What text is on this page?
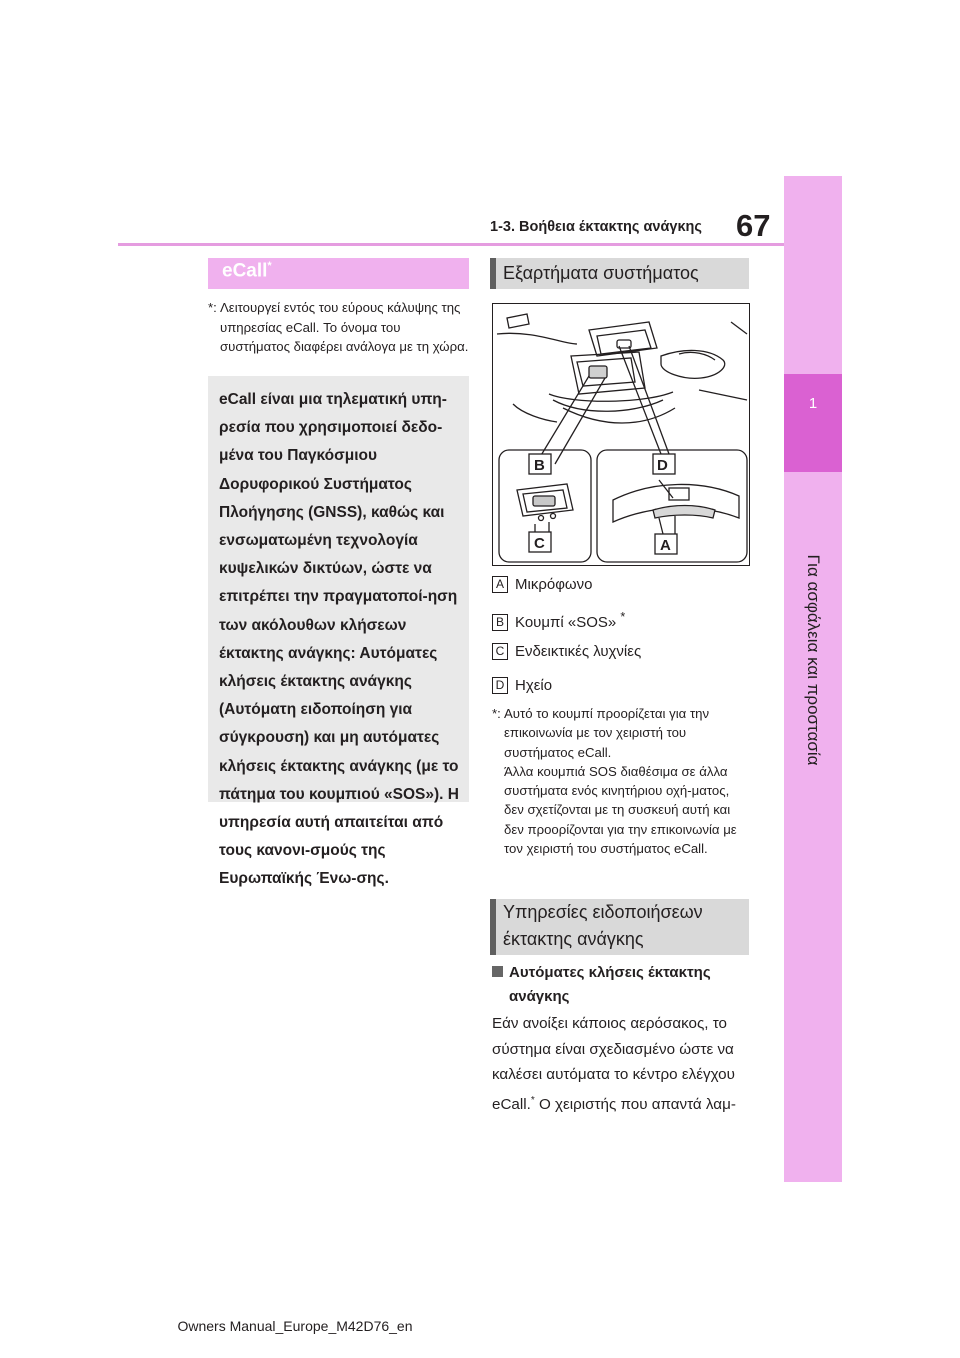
1
Για ασφάλεια και προστασία
1-3. Βοήθεια έκτακτης ανάγκης 67
eCall*
*: Λειτουργεί εντός του εύρους κάλυψης της υπηρεσίας eCall. Το όνομα του συστήματος διαφέρει ανάλογα με τη χώρα.
eCall είναι μια τηλεματική υπη-ρεσία που χρησιμοποιεί δεδο-μένα του Παγκόσμιου Δορυφορικού Συστήματος Πλοήγησης (GNSS), καθώς και ενσωματωμένη τεχνολογία κυψελικών δικτύων, ώστε να επιτρέπει την πραγματοποί-ηση των ακόλουθων κλήσεων έκτακτης ανάγκης: Αυτόματες κλήσεις έκτακτης ανάγκης (Αυτόματη ειδοποίηση για σύγκρουση) και μη αυτόματες κλήσεις έκτακτης ανάγκης (με το πάτημα του κουμπιού «SOS»). Η υπηρεσία αυτή απαιτείται από τους κανονι-σμούς της Ευρωπαϊκής Ένω-σης.
Εξαρτήματα συστήματος
B
C
D
A
A Μικρόφωνο
B Κουμπί «SOS» *
C Ενδεικτικές λυχνίες
D Ηχείο
*: Αυτό το κουμπί προορίζεται για την επικοινωνία με τον χειριστή του συστήματος eCall.
Άλλα κουμπιά SOS διαθέσιμα σε άλλα συστήματα ενός κινητήριου οχή-ματος, δεν σχετίζονται με τη συσκευή αυτή και δεν προορίζονται για την επικοινωνία με τον χειριστή του συστήματος eCall.
Υπηρεσίες ειδοποιήσεων έκτακτης ανάγκης
Αυτόματες κλήσεις έκτακτης ανάγκης
Εάν ανοίξει κάποιος αερόσακος, το σύστημα είναι σχεδιασμένο ώστε να καλέσει αυτόματα το κέντρο ελέγχου eCall.* Ο χειριστής που απαντά λαμ-
Owners Manual_Europe_M42D76_en
